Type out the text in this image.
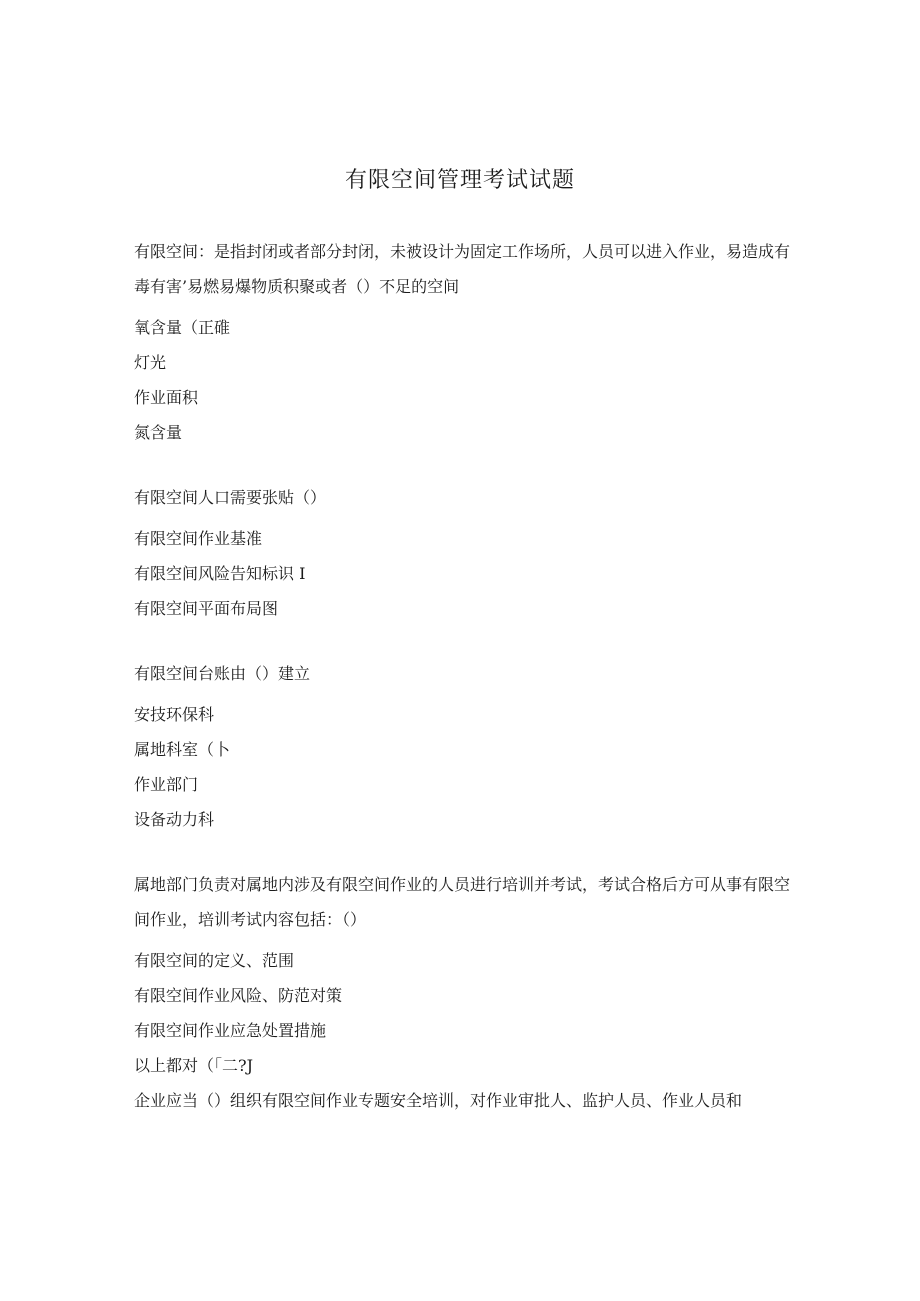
有限空间管理考试试题

有限空间：是指封闭或者部分封闭，未被设计为固定工作场所，人员可以进入作业，易造成有毒有害’易燃易爆物质积聚或者（）不足的空间

氧含量（正碓
灯光
作业面积
氮含量

有限空间人口需要张贴（）

有限空间作业基准
有限空间风险告知标识 I
有限空间平面布局图

有限空间台账由（）建立

安技环保科
属地科室（卜
作业部门
设备动力科

属地部门负责对属地内涉及有限空间作业的人员进行培训并考试，考试合格后方可从事有限空间作业，培训考试内容包括：（）

有限空间的定义、范围
有限空间作业风险、防范对策
有限空间作业应急处置措施
以上都对（「二?J

企业应当（）组织有限空间作业专题安全培训，对作业审批人、监护人员、作业人员和
